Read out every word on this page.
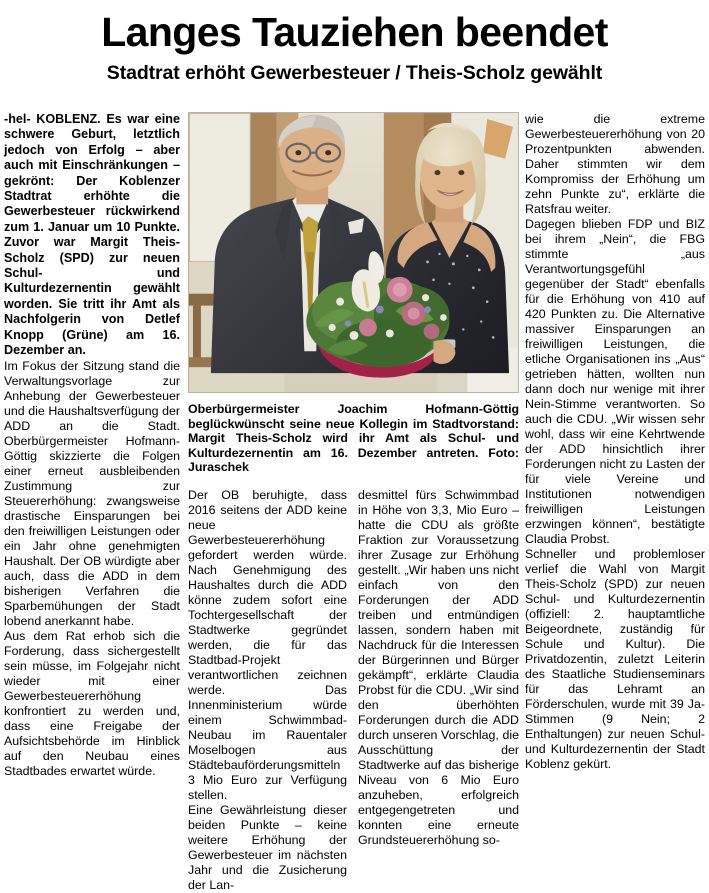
Langes Tauziehen beendet
Stadtrat erhöht Gewerbesteuer / Theis-Scholz gewählt

-hel- KOBLENZ. Es war eine schwere Geburt, letztlich jedoch von Erfolg – aber auch mit Einschränkungen – gekrönt: Der Koblenzer Stadtrat erhöhte die Gewerbesteuer rückwirkend zum 1. Januar um 10 Punkte. Zuvor war Margit Theis-Scholz (SPD) zur neuen Schul- und Kulturdezernentin gewählt worden. Sie tritt ihr Amt als Nachfolgerin von Detlef Knopp (Grüne) am 16. Dezember an.

Im Fokus der Sitzung stand die Verwaltungsvorlage zur Anhebung der Gewerbesteuer und die Haushaltsverfügung der ADD an die Stadt. Oberbürgermeister Hofmann-Göttig skizzierte die Folgen einer erneut ausbleibenden Zustimmung zur Steuererhöhung: zwangsweise drastische Einsparungen bei den freiwilligen Leistungen oder ein Jahr ohne genehmigten Haushalt. Der OB würdigte aber auch, dass die ADD in dem bisherigen Verfahren die Sparbemühungen der Stadt lobend anerkannt habe.

Aus dem Rat erhob sich die Forderung, dass sichergestellt sein müsse, im Folgejahr nicht wieder mit einer Gewerbesteuererhöhung konfrontiert zu werden und, dass eine Freigabe der Aufsichtsbehörde im Hinblick auf den Neubau eines Stadtbades erwartet würde.

Oberbürgermeister Joachim Hofmann-Göttig beglückwünscht seine neue Kollegin im Stadtvorstand: Margit Theis-Scholz wird ihr Amt als Schul- und Kulturdezernentin am 16. Dezember antreten. Foto: Juraschek

Der OB beruhigte, dass 2016 seitens der ADD keine neue Gewerbesteuererhöhung gefordert werden würde. Nach Genehmigung des Haushaltes durch die ADD könne zudem sofort eine Tochtergesellschaft der Stadtwerke gegründet werden, die für das Stadtbad-Projekt verantwortlichen zeichnen werde. Das Innenministerium würde einem Schwimmbad-Neubau im Rauentaler Moselbogen aus Städtebauförderungsmitteln 3 Mio Euro zur Verfügung stellen.

Eine Gewährleistung dieser beiden Punkte – keine weitere Erhöhung der Gewerbesteuer im nächsten Jahr und die Zusicherung der Lan-

desmittel fürs Schwimmbad in Höhe von 3,3, Mio Euro – hatte die CDU als größte Fraktion zur Voraussetzung ihrer Zusage zur Erhöhung gestellt. „Wir haben uns nicht einfach von den Forderungen der ADD treiben und entmündigen lassen, sondern haben mit Nachdruck für die Interessen der Bürgerinnen und Bürger gekämpft“, erklärte Claudia Probst für die CDU. „Wir sind den überhöhten Forderungen durch die ADD durch unseren Vorschlag, die Ausschüttung der Stadtwerke auf das bisherige Niveau von 6 Mio Euro anzuheben, erfolgreich entgegengetreten und konnten eine erneute Grundsteuererhöhung so-

wie die extreme Gewerbesteuererhöhung von 20 Prozentpunkten abwenden. Daher stimmten wir dem Kompromiss der Erhöhung um zehn Punkte zu“, erklärte die Ratsfrau weiter.

Dagegen blieben FDP und BIZ bei ihrem „Nein“, die FBG stimmte „aus Verantwortungsgefühl gegenüber der Stadt“ ebenfalls für die Erhöhung von 410 auf 420 Punkten zu. Die Alternative massiver Einsparungen an freiwilligen Leistungen, die etliche Organisationen ins „Aus“ getrieben hätten, wollten nun dann doch nur wenige mit ihrer Nein-Stimme verantworten. So auch die CDU. „Wir wissen sehr wohl, dass wir eine Kehrtwende der ADD hinsichtlich ihrer Forderungen nicht zu Lasten der für viele Vereine und Institutionen notwendigen freiwilligen Leistungen erzwingen können“, bestätigte Claudia Probst.

Schneller und problemloser verlief die Wahl von Margit Theis-Scholz (SPD) zur neuen Schul- und Kulturdezernentin (offiziell: 2. hauptamtliche Beigeordnete, zuständig für Schule und Kultur). Die Privatdozentin, zuletzt Leiterin des Staatliche Studienseminars für das Lehramt an Förderschulen, wurde mit 39 Ja-Stimmen (9 Nein; 2 Enthaltungen) zur neuen Schul- und Kulturdezernentin der Stadt Koblenz gekürt.
